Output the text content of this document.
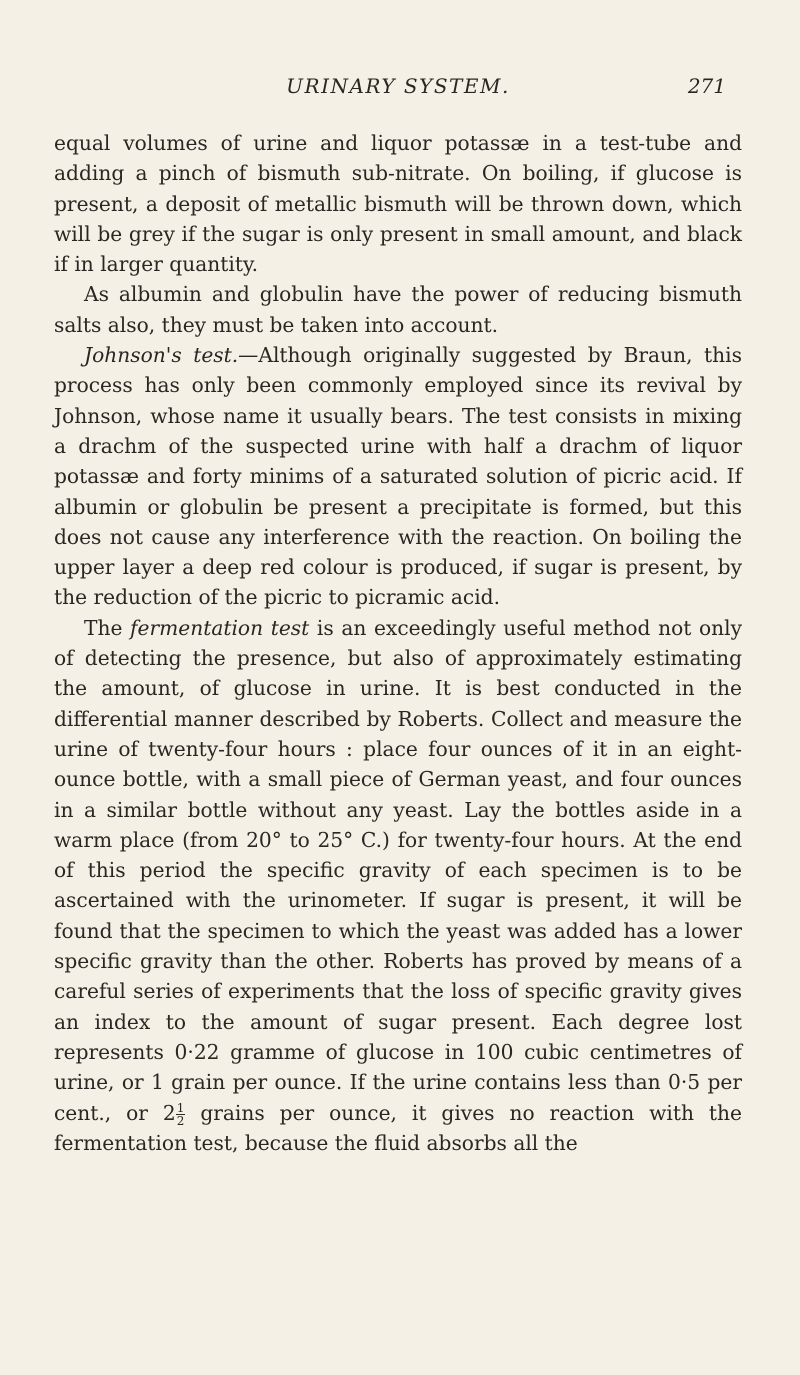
URINARY SYSTEM.	271

equal volumes of urine and liquor potassæ in a test-tube and adding a pinch of bismuth sub-nitrate. On boiling, if glucose is present, a deposit of metallic bismuth will be thrown down, which will be grey if the sugar is only present in small amount, and black if in larger quantity.

As albumin and globulin have the power of reducing bismuth salts also, they must be taken into account.

Johnson's test.—Although originally suggested by Braun, this process has only been commonly employed since its revival by Johnson, whose name it usually bears. The test consists in mixing a drachm of the suspected urine with half a drachm of liquor potassæ and forty minims of a saturated solution of picric acid. If albumin or globulin be present a precipitate is formed, but this does not cause any interference with the reaction. On boiling the upper layer a deep red colour is produced, if sugar is present, by the reduction of the picric to picramic acid.

The fermentation test is an exceedingly useful method not only of detecting the presence, but also of approximately estimating the amount, of glucose in urine. It is best conducted in the differential manner described by Roberts. Collect and measure the urine of twenty-four hours : place four ounces of it in an eight-ounce bottle, with a small piece of German yeast, and four ounces in a similar bottle without any yeast. Lay the bottles aside in a warm place (from 20° to 25° C.) for twenty-four hours. At the end of this period the specific gravity of each specimen is to be ascertained with the urinometer. If sugar is present, it will be found that the specimen to which the yeast was added has a lower specific gravity than the other. Roberts has proved by means of a careful series of experiments that the loss of specific gravity gives an index to the amount of sugar present. Each degree lost represents 0·22 gramme of glucose in 100 cubic centimetres of urine, or 1 grain per ounce. If the urine contains less than 0·5 per cent., or $2 \frac{1}{2}$ grains per ounce, it gives no reaction with the fermentation test, because the fluid absorbs all the
